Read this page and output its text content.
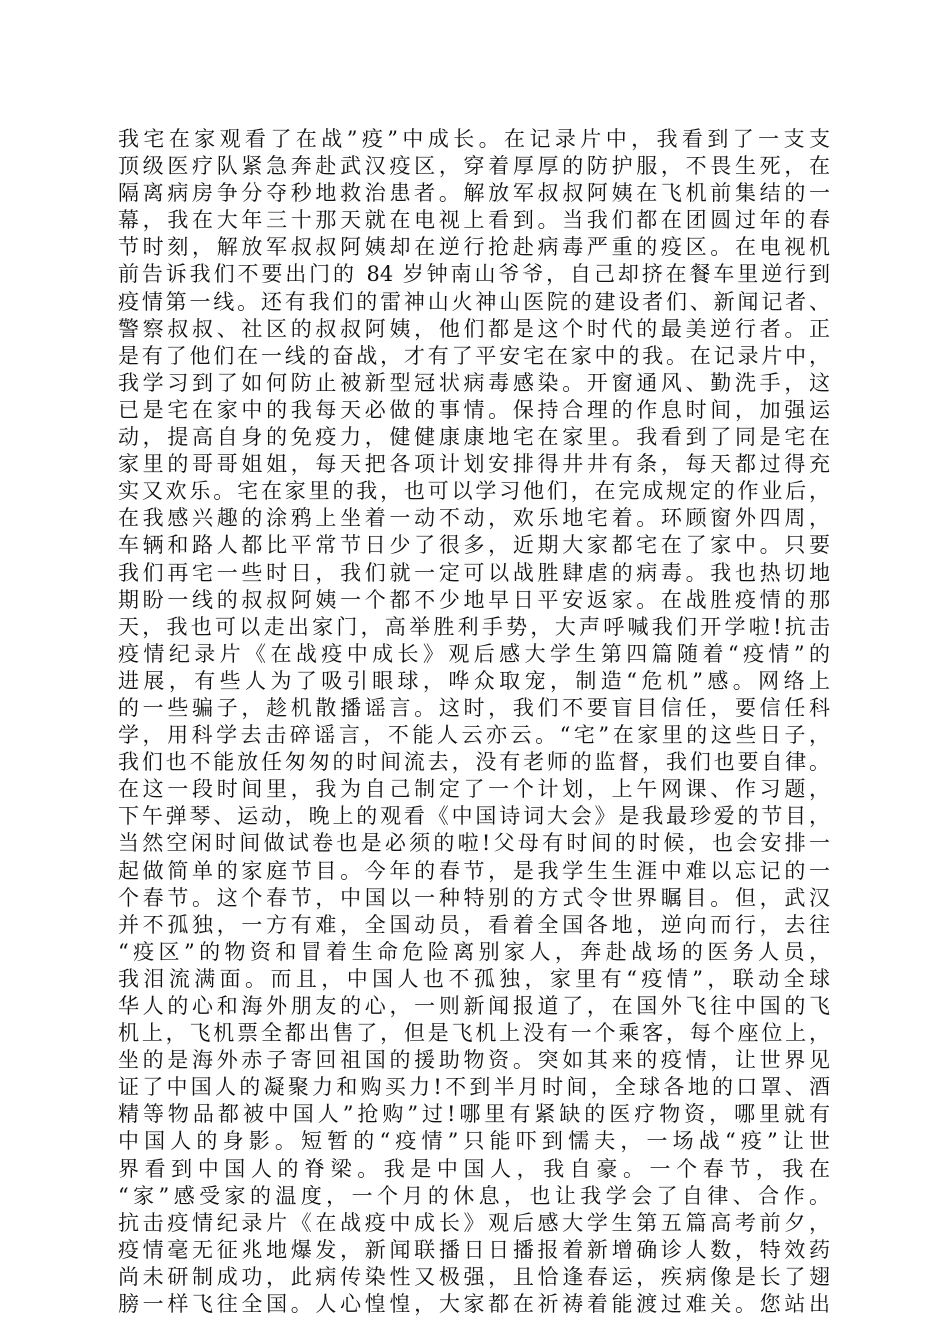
我宅在家观看了在战”疫”中成长。在记录片中，我看到了一支支
顶级医疗队紧急奔赴武汉疫区，穿着厚厚的防护服，不畏生死，在
隔离病房争分夺秒地救治患者。解放军叔叔阿姨在飞机前集结的一
幕，我在大年三十那天就在电视上看到。当我们都在团圆过年的春
节时刻，解放军叔叔阿姨却在逆行抢赴病毒严重的疫区。在电视机
前告诉我们不要出门的 84 岁钟南山爷爷，自己却挤在餐车里逆行到
疫情第一线。还有我们的雷神山火神山医院的建设者们、新闻记者、
警察叔叔、社区的叔叔阿姨，他们都是这个时代的最美逆行者。正
是有了他们在一线的奋战，才有了平安宅在家中的我。在记录片中，
我学习到了如何防止被新型冠状病毒感染。开窗通风、勤洗手，这
已是宅在家中的我每天必做的事情。保持合理的作息时间，加强运
动，提高自身的免疫力，健健康康地宅在家里。我看到了同是宅在
家里的哥哥姐姐，每天把各项计划安排得井井有条，每天都过得充
实又欢乐。宅在家里的我，也可以学习他们，在完成规定的作业后，
在我感兴趣的涂鸦上坐着一动不动，欢乐地宅着。环顾窗外四周，
车辆和路人都比平常节日少了很多，近期大家都宅在了家中。只要
我们再宅一些时日，我们就一定可以战胜肆虐的病毒。我也热切地
期盼一线的叔叔阿姨一个都不少地早日平安返家。在战胜疫情的那
天，我也可以走出家门，高举胜利手势，大声呼喊我们开学啦!抗击
疫情纪录片《在战疫中成长》观后感大学生第四篇随着“疫情”的
进展，有些人为了吸引眼球，哗众取宠，制造“危机”感。网络上
的一些骗子，趁机散播谣言。这时，我们不要盲目信任，要信任科
学，用科学去击碎谣言，不能人云亦云。“宅”在家里的这些日子，
我们也不能放任匆匆的时间流去，没有老师的监督，我们也要自律。
在这一段时间里，我为自己制定了一个计划，上午网课、作习题，
下午弹琴、运动，晚上的观看《中国诗词大会》是我最珍爱的节目，
当然空闲时间做试卷也是必须的啦!父母有时间的时候，也会安排一
起做简单的家庭节目。今年的春节，是我学生生涯中难以忘记的一
个春节。这个春节，中国以一种特别的方式令世界瞩目。但，武汉
并不孤独，一方有难，全国动员，看着全国各地，逆向而行，去往
“疫区”的物资和冒着生命危险离别家人，奔赴战场的医务人员，
我泪流满面。而且，中国人也不孤独，家里有“疫情”，联动全球
华人的心和海外朋友的心，一则新闻报道了，在国外飞往中国的飞
机上，飞机票全都出售了，但是飞机上没有一个乘客，每个座位上，
坐的是海外赤子寄回祖国的援助物资。突如其来的疫情，让世界见
证了中国人的凝聚力和购买力!不到半月时间，全球各地的口罩、酒
精等物品都被中国人”抢购”过!哪里有紧缺的医疗物资，哪里就有
中国人的身影。短暂的“疫情”只能吓到懦夫，一场战“疫”让世
界看到中国人的脊梁。我是中国人，我自豪。一个春节，我在
“家”感受家的温度，一个月的休息，也让我学会了自律、合作。
抗击疫情纪录片《在战疫中成长》观后感大学生第五篇高考前夕，
疫情毫无征兆地爆发，新闻联播日日播报着新增确诊人数，特效药
尚未研制成功，此病传染性又极强，且恰逢春运，疾病像是长了翅
膀一样飞往全国。人心惶惶，大家都在祈祷着能渡过难关。您站出
